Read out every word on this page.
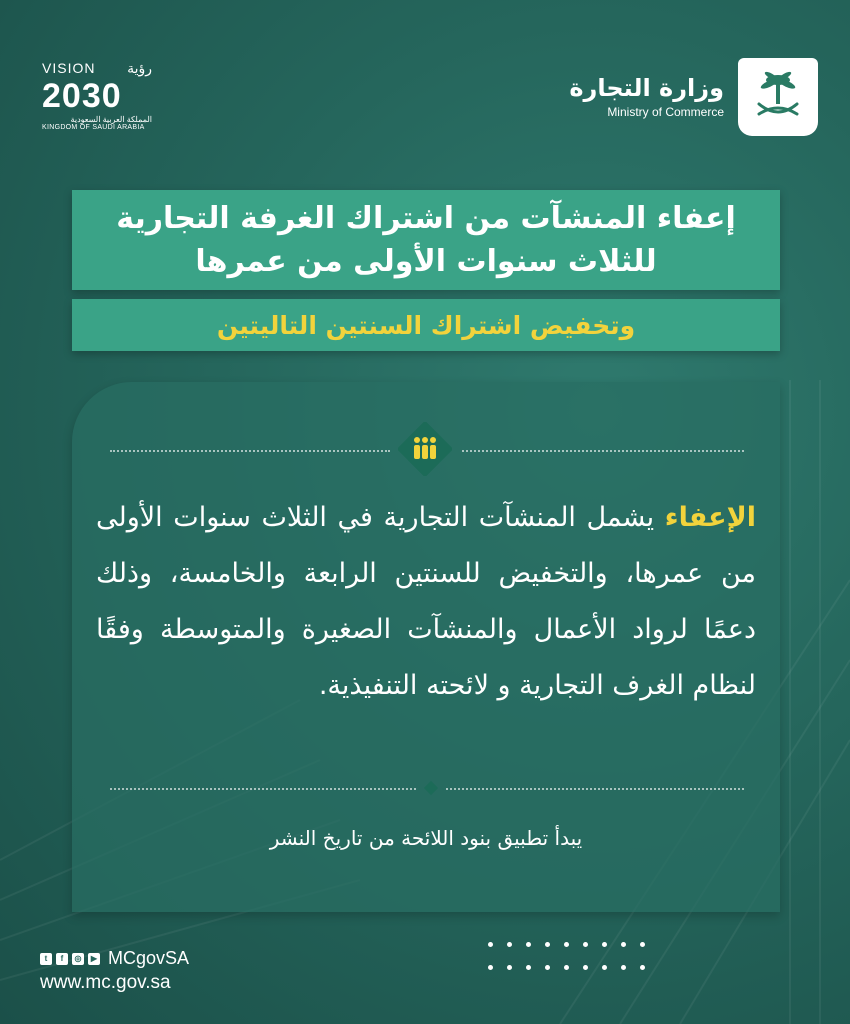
VISION رؤية
2030
المملكة العربية السعودية
KINGDOM OF SAUDI ARABIA
وزارة التجارة
Ministry of Commerce
إعفاء المنشآت من اشتراك الغرفة التجارية
للثلاث سنوات الأولى من عمرها
وتخفيض اشتراك السنتين التاليتين
الإعفاء يشمل المنشآت التجارية في الثلاث سنوات الأولى من عمرها، والتخفيض للسنتين الرابعة والخامسة، وذلك دعمًا لرواد الأعمال والمنشآت الصغيرة والمتوسطة وفقًا لنظام الغرف التجارية و لائحته التنفيذية.
يبدأ تطبيق بنود اللائحة من تاريخ النشر
t	f	◎	▶ MCgovSA
www.mc.gov.sa
